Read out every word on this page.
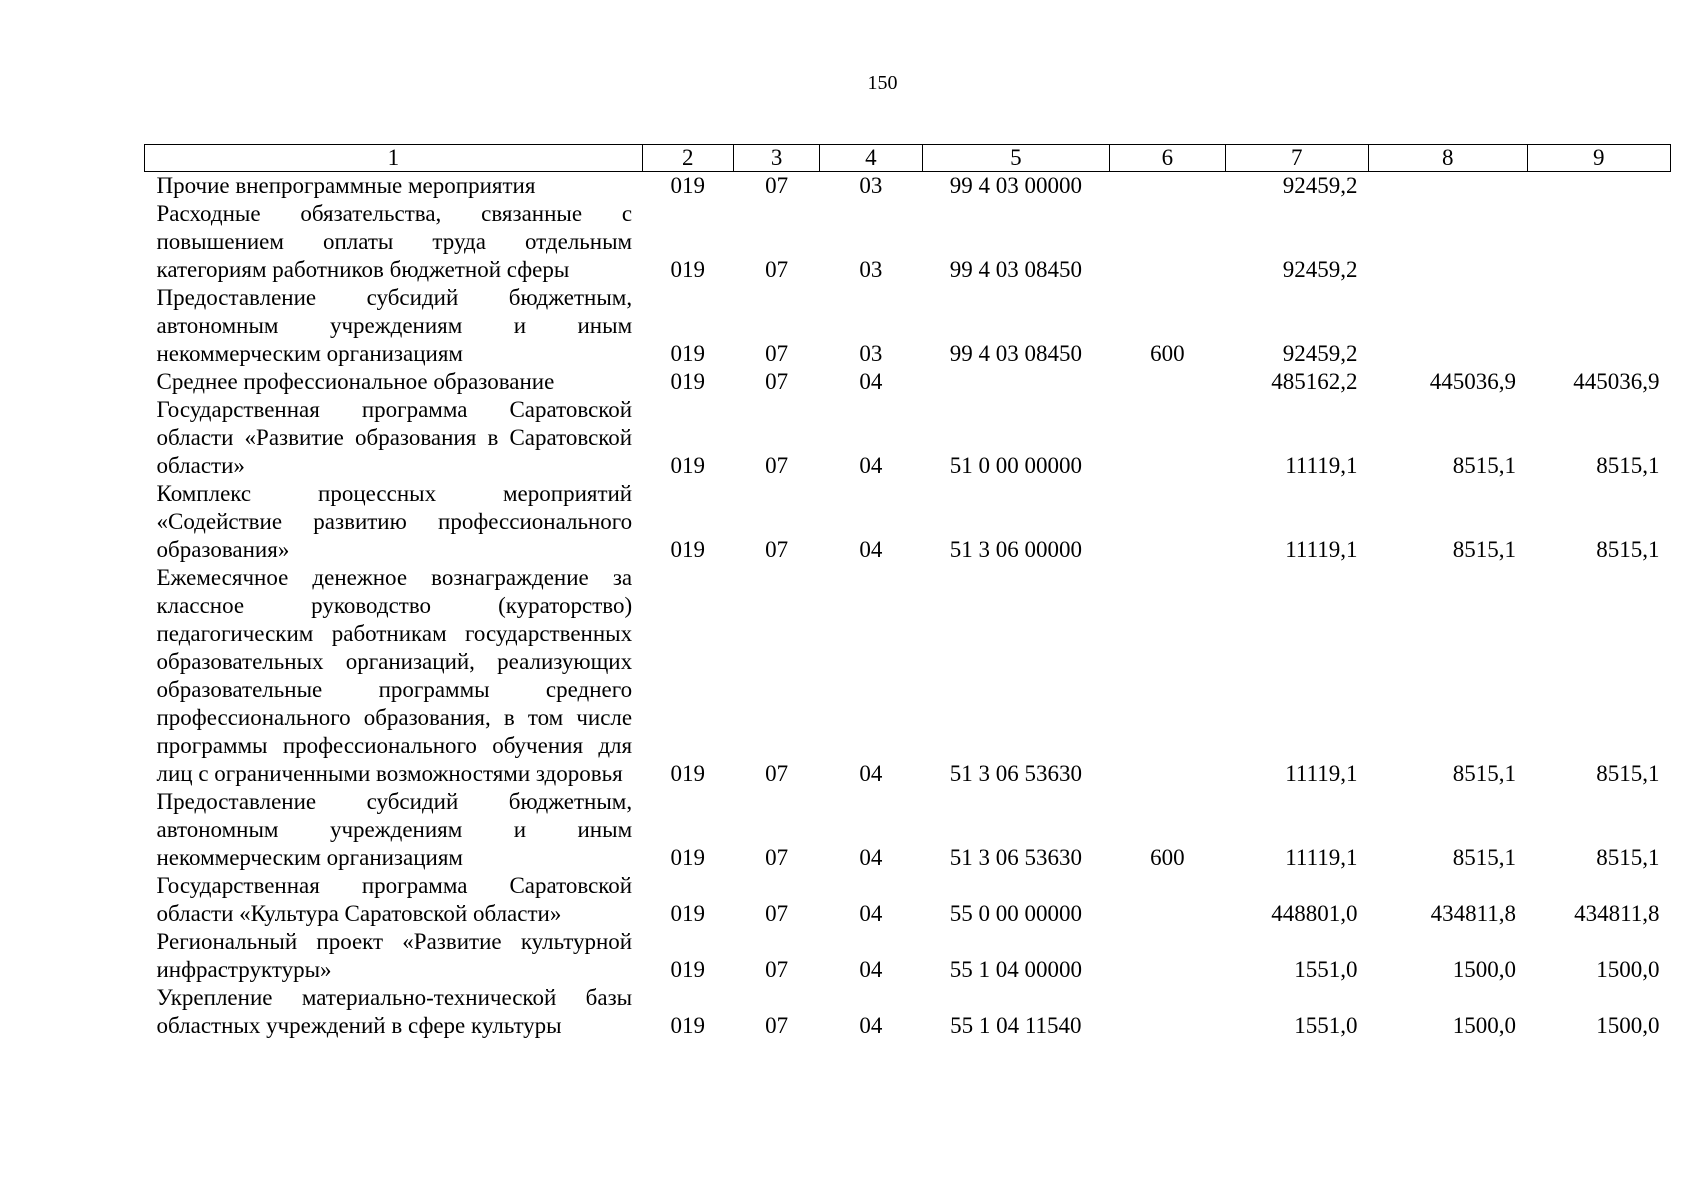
150
1	2	3	4	5	6	7	8	9
Прочие внепрограммные мероприятия	019	07	03	99 4 03 00000		92459,2		
Расходные обязательства, связанные с повышением оплаты труда отдельным категориям работников бюджетной сферы	019	07	03	99 4 03 08450		92459,2		
Предоставление субсидий бюджетным, автономным учреждениям и иным некоммерческим организациям	019	07	03	99 4 03 08450	600	92459,2		
Среднее профессиональное образование	019	07	04			485162,2	445036,9	445036,9
Государственная программа Саратовской области «Развитие образования в Саратовской области»	019	07	04	51 0 00 00000		11119,1	8515,1	8515,1
Комплекс процессных мероприятий «Содействие развитию профессионального образования»	019	07	04	51 3 06 00000		11119,1	8515,1	8515,1
Ежемесячное денежное вознаграждение за классное руководство (кураторство) педагогическим работникам государственных образовательных организаций, реализующих образовательные программы среднего профессионального образования, в том числе программы профессионального обучения для лиц с ограниченными возможностями здоровья	019	07	04	51 3 06 53630		11119,1	8515,1	8515,1
Предоставление субсидий бюджетным, автономным учреждениям и иным некоммерческим организациям	019	07	04	51 3 06 53630	600	11119,1	8515,1	8515,1
Государственная программа Саратовской области «Культура Саратовской области»	019	07	04	55 0 00 00000		448801,0	434811,8	434811,8
Региональный проект «Развитие культурной инфраструктуры»	019	07	04	55 1 04 00000		1551,0	1500,0	1500,0
Укрепление материально-технической базы областных учреждений в сфере культуры	019	07	04	55 1 04 11540		1551,0	1500,0	1500,0
